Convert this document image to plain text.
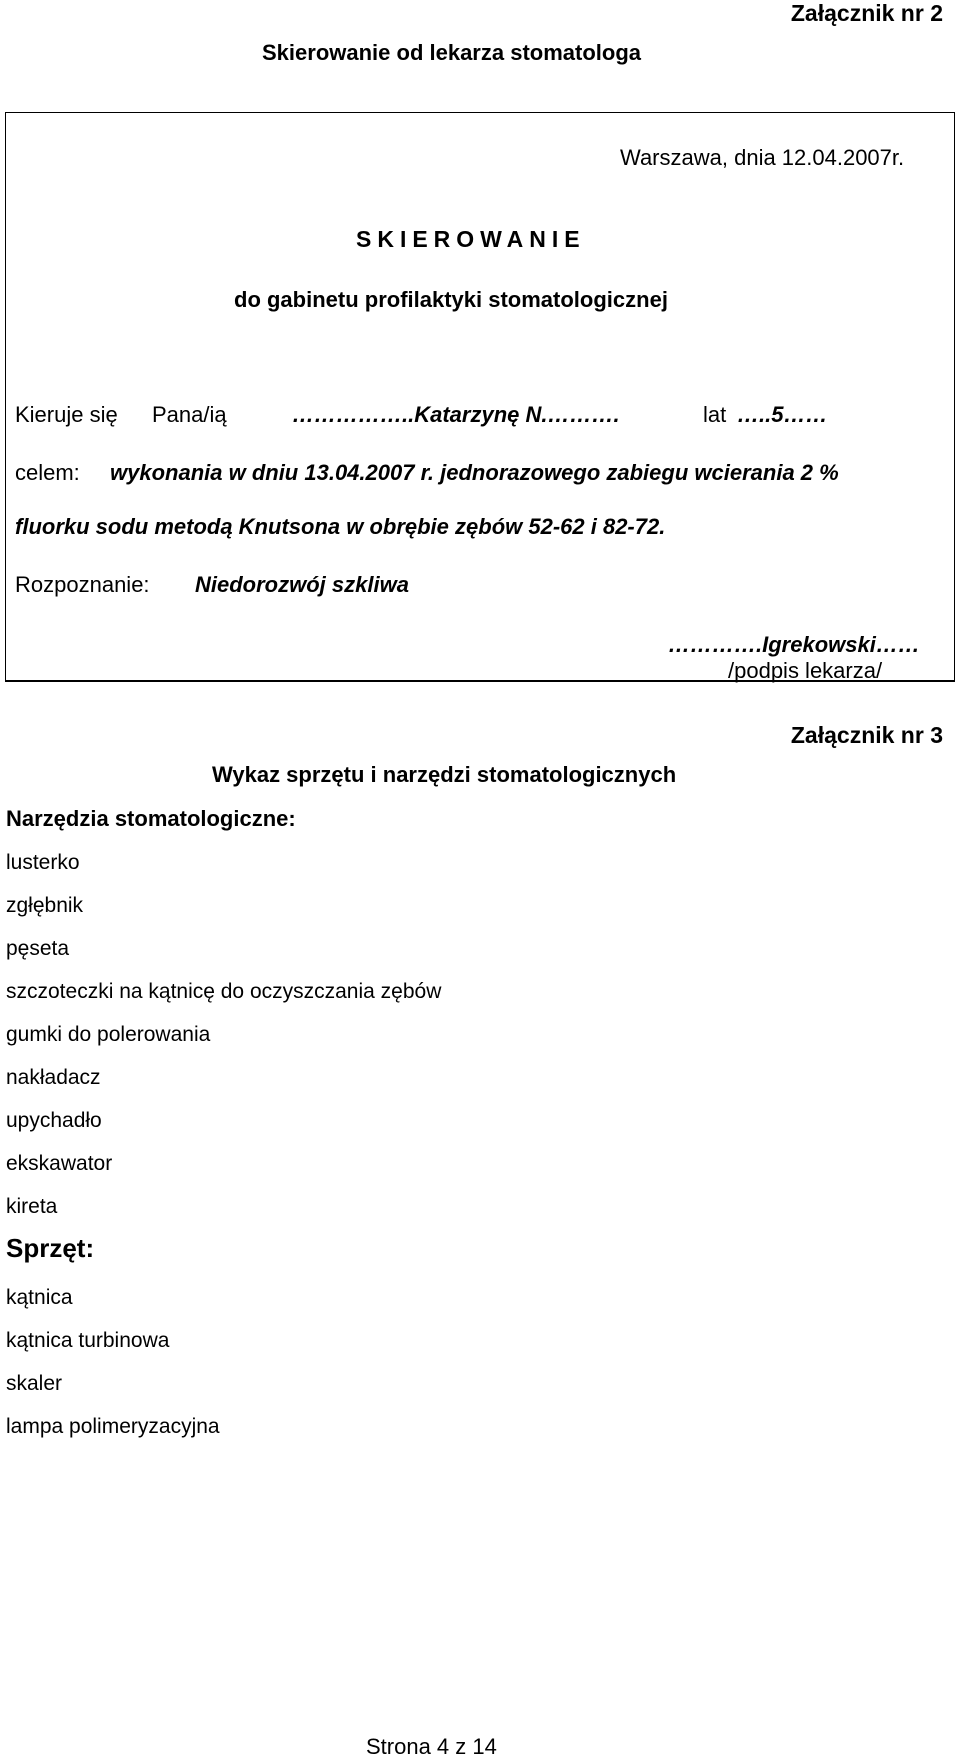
Załącznik nr 2
Skierowanie od lekarza stomatologa
Warszawa, dnia 12.04.2007r.
SKIEROWANIE
do gabinetu profilaktyki stomatologicznej
Kieruje się Pana/ią	……………..Katarzynę N.……….	lat …..5……
celem: wykonania w dniu 13.04.2007 r. jednorazowego zabiegu wcierania 2 %
fluorku sodu metodą Knutsona w obrębie zębów 52-62 i 82-72.
Rozpoznanie: Niedorozwój szkliwa
………….Igrekowski……
/podpis lekarza/
Załącznik nr 3
Wykaz sprzętu i narzędzi stomatologicznych
Narzędzia stomatologiczne:
lusterko
zgłębnik
pęseta
szczoteczki na kątnicę do oczyszczania zębów
gumki do polerowania
nakładacz
upychadło
ekskawator
kireta
Sprzęt:
kątnica
kątnica turbinowa
skaler
lampa polimeryzacyjna
Strona 4 z 14
